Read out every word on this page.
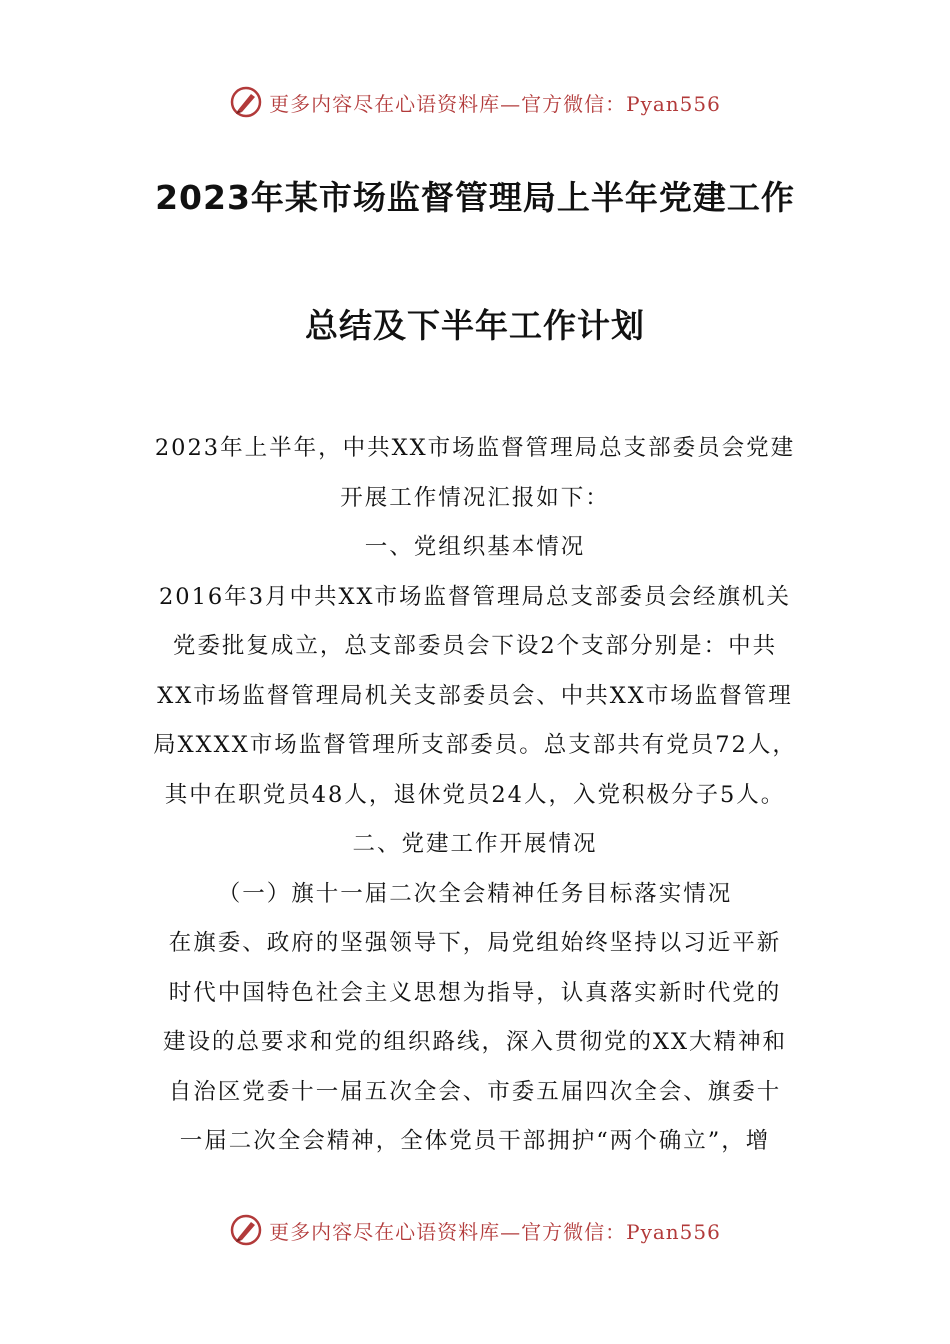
更多内容尽在心语资料库—官方微信：Pyan556
2023年某市场监督管理局上半年党建工作
总结及下半年工作计划
2023年上半年，中共XX市场监督管理局总支部委员会党建
开展工作情况汇报如下：
一、党组织基本情况
2016年3月中共XX市场监督管理局总支部委员会经旗机关
党委批复成立，总支部委员会下设2个支部分别是：中共
XX市场监督管理局机关支部委员会、中共XX市场监督管理
局XXXX市场监督管理所支部委员。总支部共有党员72人，
其中在职党员48人，退休党员24人，入党积极分子5人。
二、党建工作开展情况
（一）旗十一届二次全会精神任务目标落实情况
在旗委、政府的坚强领导下，局党组始终坚持以习近平新
时代中国特色社会主义思想为指导，认真落实新时代党的
建设的总要求和党的组织路线，深入贯彻党的XX大精神和
自治区党委十一届五次全会、市委五届四次全会、旗委十
一届二次全会精神，全体党员干部拥护“两个确立”，增
更多内容尽在心语资料库—官方微信：Pyan556
